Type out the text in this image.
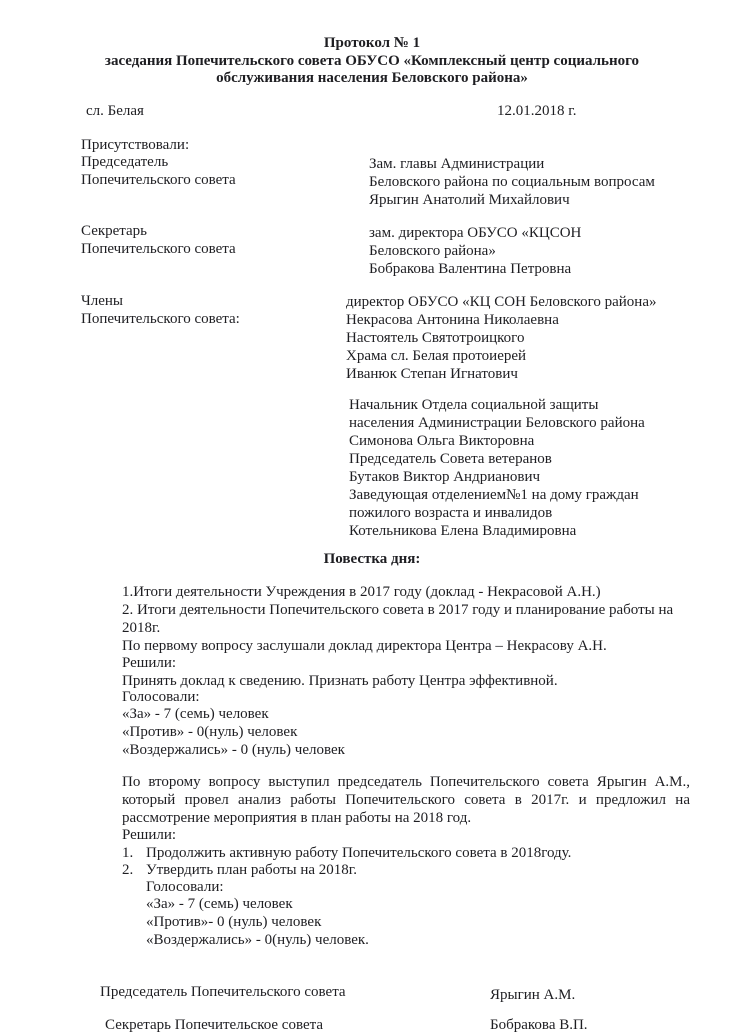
Протокол № 1
заседания Попечительского совета ОБУСО «Комплексный центр социального
обслуживания населения Беловского района»
сл. Белая	12.01.2018 г.
Присутствовали:
Председатель
Попечительского совета
Зам. главы Администрации
Беловского района по социальным вопросам
Ярыгин Анатолий Михайлович
Секретарь
Попечительского совета
зам. директора ОБУСО «КЦСОН
Беловского района»
Бобракова Валентина Петровна
Члены
Попечительского совета:
директор ОБУСО «КЦ СОН Беловского района»
Некрасова Антонина Николаевна
Настоятель Святотроицкого
Храма сл. Белая протоиерей
Иванюк Степан Игнатович
Начальник Отдела социальной защиты
населения Администрации Беловского района
Симонова Ольга Викторовна
Председатель Совета ветеранов
Бутаков Виктор Андрианович
Заведующая отделением№1 на дому граждан
пожилого возраста и инвалидов
Котельникова Елена Владимировна
Повестка дня:
1.Итоги деятельности Учреждения в 2017 году (доклад - Некрасовой А.Н.)
2. Итоги деятельности Попечительского совета в 2017 году и планирование работы на
2018г.
По первому вопросу заслушали доклад директора Центра – Некрасову А.Н.
Решили:
Принять доклад к сведению. Признать работу Центра эффективной.
Голосовали:
«За» - 7 (семь) человек
«Против» - 0(нуль) человек
«Воздержались» - 0 (нуль) человек
По второму вопросу выступил председатель Попечительского совета Ярыгин А.М.,
который провел анализ работы Попечительского совета в 2017г. и предложил на
рассмотрение мероприятия в план работы на 2018 год.
Решили:
1. Продолжить активную работу Попечительского совета в 2018году.
2. Утвердить план работы на 2018г.
Голосовали:
«За» - 7 (семь) человек
«Против»- 0 (нуль) человек
«Воздержались» - 0(нуль) человек.
Председатель Попечительского совета	Ярыгин А.М.
Секретарь Попечительское совета	Бобракова В.П.
